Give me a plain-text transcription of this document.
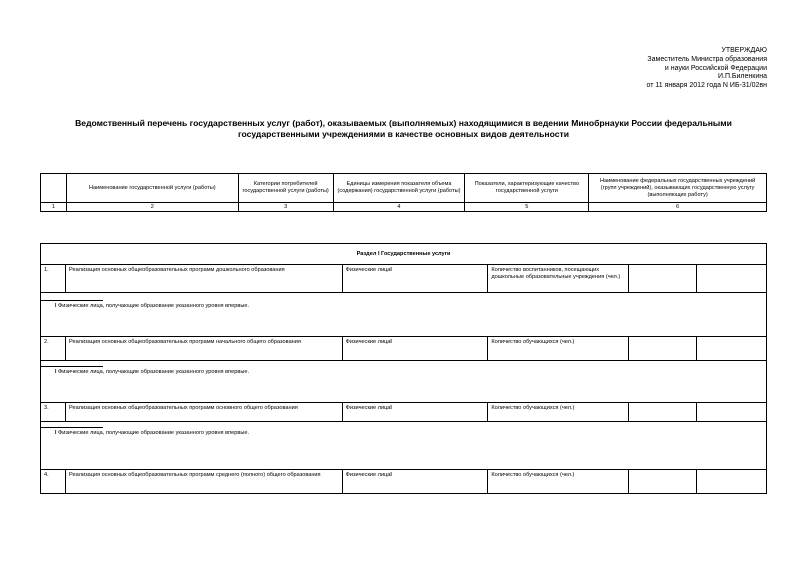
УТВЕРЖДАЮ
Заместитель Министра образования
и науки Российской Федерации
И.П.Биленкина
от 11 января 2012 года N ИБ-31/02вн
Ведомственный перечень государственных услуг (работ), оказываемых (выполняемых) находящимися в ведении Минобрнауки России федеральными
государственными учреждениями в качестве основных видов деятельности
	Наименование государственной услуги (работы)	Категории потребителей государственной услуги (работы)	Единицы измерения показателя объема (содержания) государственной услуги (работы)	Показатели, характеризующие качество государственной услуги	Наименование федеральных государственных учреждений (групп учреждений), оказывающих государственную услугу (выполняющих работу)
1	2	3	4	5	6
Раздел I Государственные услуги					
1.	Реализация основных общеобразовательных программ дошкольного образования	Физические лицаI	Количество воспитанников, посещающих дошкольные образовательные учреждения (чел.)		

I Физические лица, получающие образование указанного уровня впервые.					

2.	Реализация основных общеобразовательных программ начального общего образования	Физические лицаI	Количество обучающихся (чел.)		

I Физические лица, получающие образование указанного уровня впервые.					

3.	Реализация основных общеобразовательных программ основного общего образования	Физические лицаI	Количество обучающихся (чел.)		

I Физические лица, получающие образование указанного уровня впервые.					

4.	Реализация основных общеобразовательных программ среднего (полного) общего образования	Физические лицаI	Количество обучающихся (чел.)		
